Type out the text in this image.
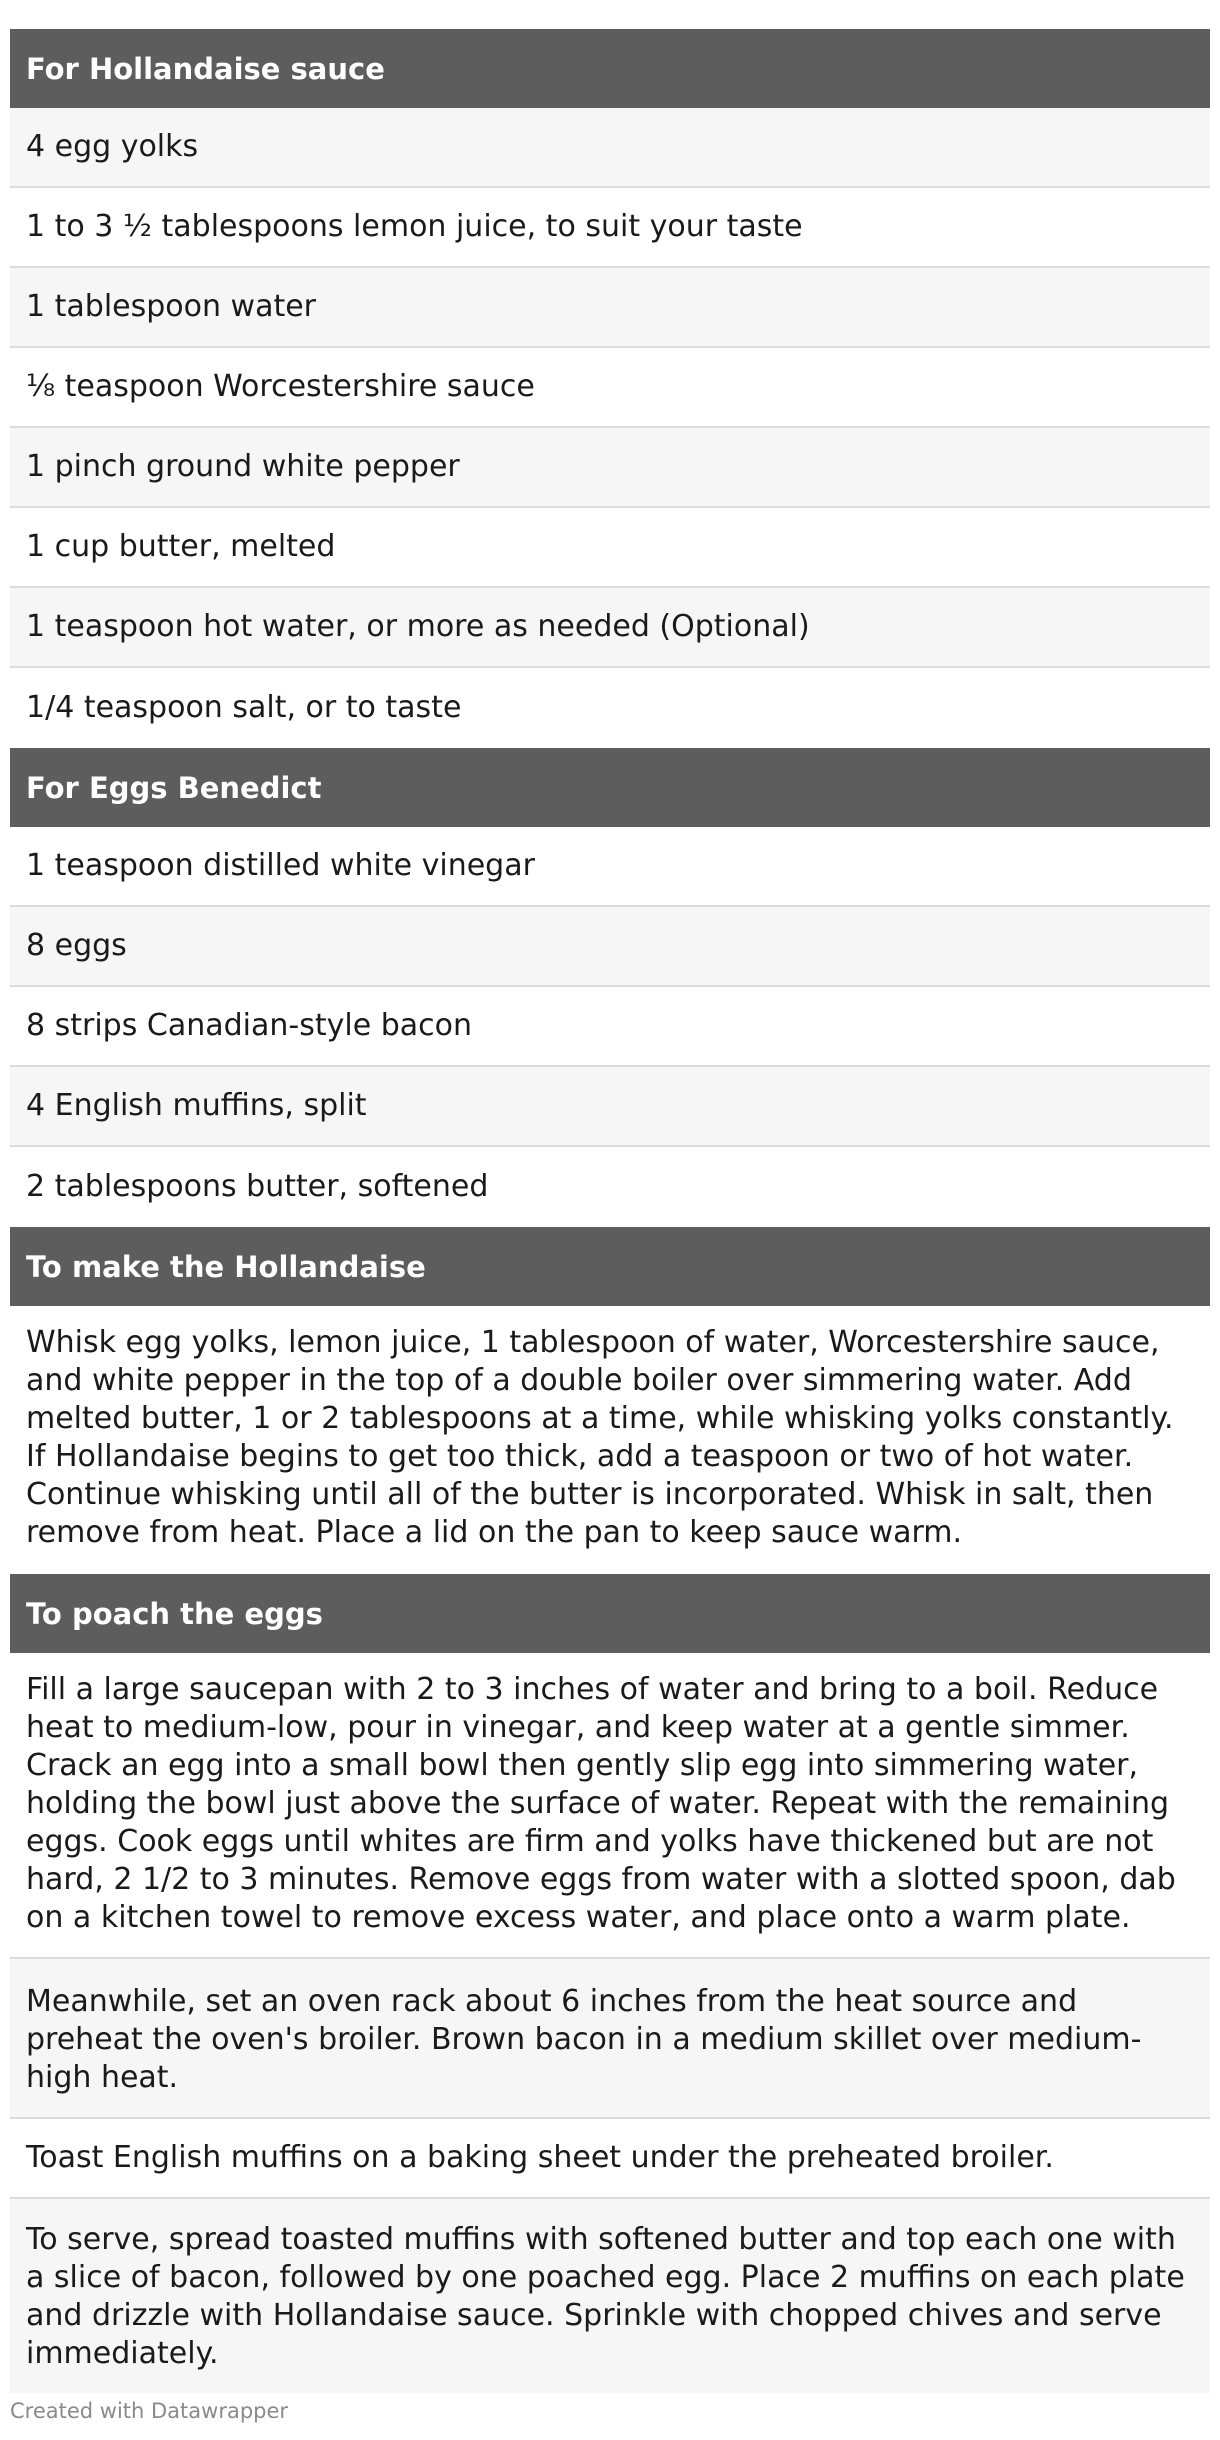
For Hollandaise sauce
4 egg yolks
1 to 3 ½ tablespoons lemon juice, to suit your taste
1 tablespoon water
⅛ teaspoon Worcestershire sauce
1 pinch ground white pepper
1 cup butter, melted
1 teaspoon hot water, or more as needed (Optional)
1/4 teaspoon salt, or to taste
For Eggs Benedict
1 teaspoon distilled white vinegar
8 eggs
8 strips Canadian-style bacon
4 English muffins, split
2 tablespoons butter, softened
To make the Hollandaise
Whisk egg yolks, lemon juice, 1 tablespoon of water, Worcestershire sauce, and white pepper in the top of a double boiler over simmering water. Add melted butter, 1 or 2 tablespoons at a time, while whisking yolks constantly. If Hollandaise begins to get too thick, add a teaspoon or two of hot water. Continue whisking until all of the butter is incorporated. Whisk in salt, then remove from heat. Place a lid on the pan to keep sauce warm.
To poach the eggs
Fill a large saucepan with 2 to 3 inches of water and bring to a boil. Reduce heat to medium-low, pour in vinegar, and keep water at a gentle simmer. Crack an egg into a small bowl then gently slip egg into simmering water, holding the bowl just above the surface of water. Repeat with the remaining eggs. Cook eggs until whites are firm and yolks have thickened but are not hard, 2 1/2 to 3 minutes. Remove eggs from water with a slotted spoon, dab on a kitchen towel to remove excess water, and place onto a warm plate.
Meanwhile, set an oven rack about 6 inches from the heat source and preheat the oven's broiler. Brown bacon in a medium skillet over medium-high heat.
Toast English muffins on a baking sheet under the preheated broiler.
To serve, spread toasted muffins with softened butter and top each one with a slice of bacon, followed by one poached egg. Place 2 muffins on each plate and drizzle with Hollandaise sauce. Sprinkle with chopped chives and serve immediately.
Created with Datawrapper
